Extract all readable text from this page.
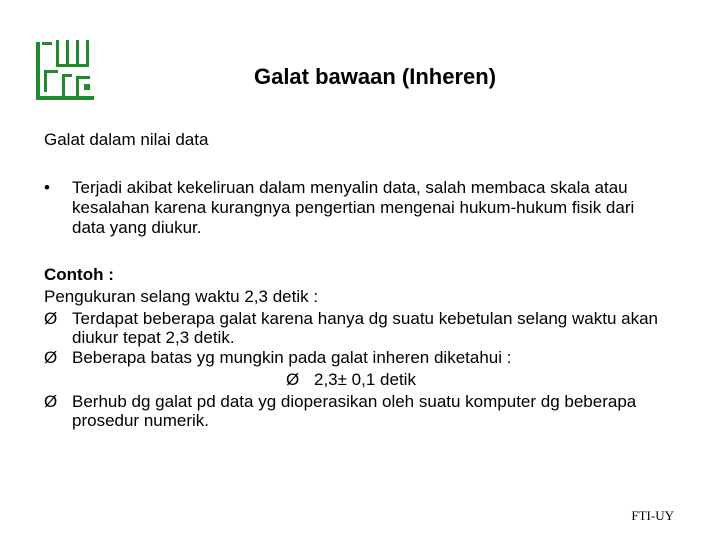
Galat bawaan (Inheren)
Galat dalam nilai data
•	Terjadi akibat kekeliruan dalam menyalin data, salah membaca skala atau kesalahan karena kurangnya pengertian mengenai hukum-hukum fisik dari data yang diukur.
Contoh :
Pengukuran selang waktu 2,3 detik :
Ø Terdapat beberapa galat karena hanya dg suatu kebetulan selang waktu akan diukur tepat 2,3 detik.
Ø Beberapa batas yg mungkin pada galat inheren diketahui :
Ø 2,3± 0,1 detik
Ø Berhub dg galat pd data yg dioperasikan oleh suatu komputer dg beberapa prosedur numerik.
FTI-UY
